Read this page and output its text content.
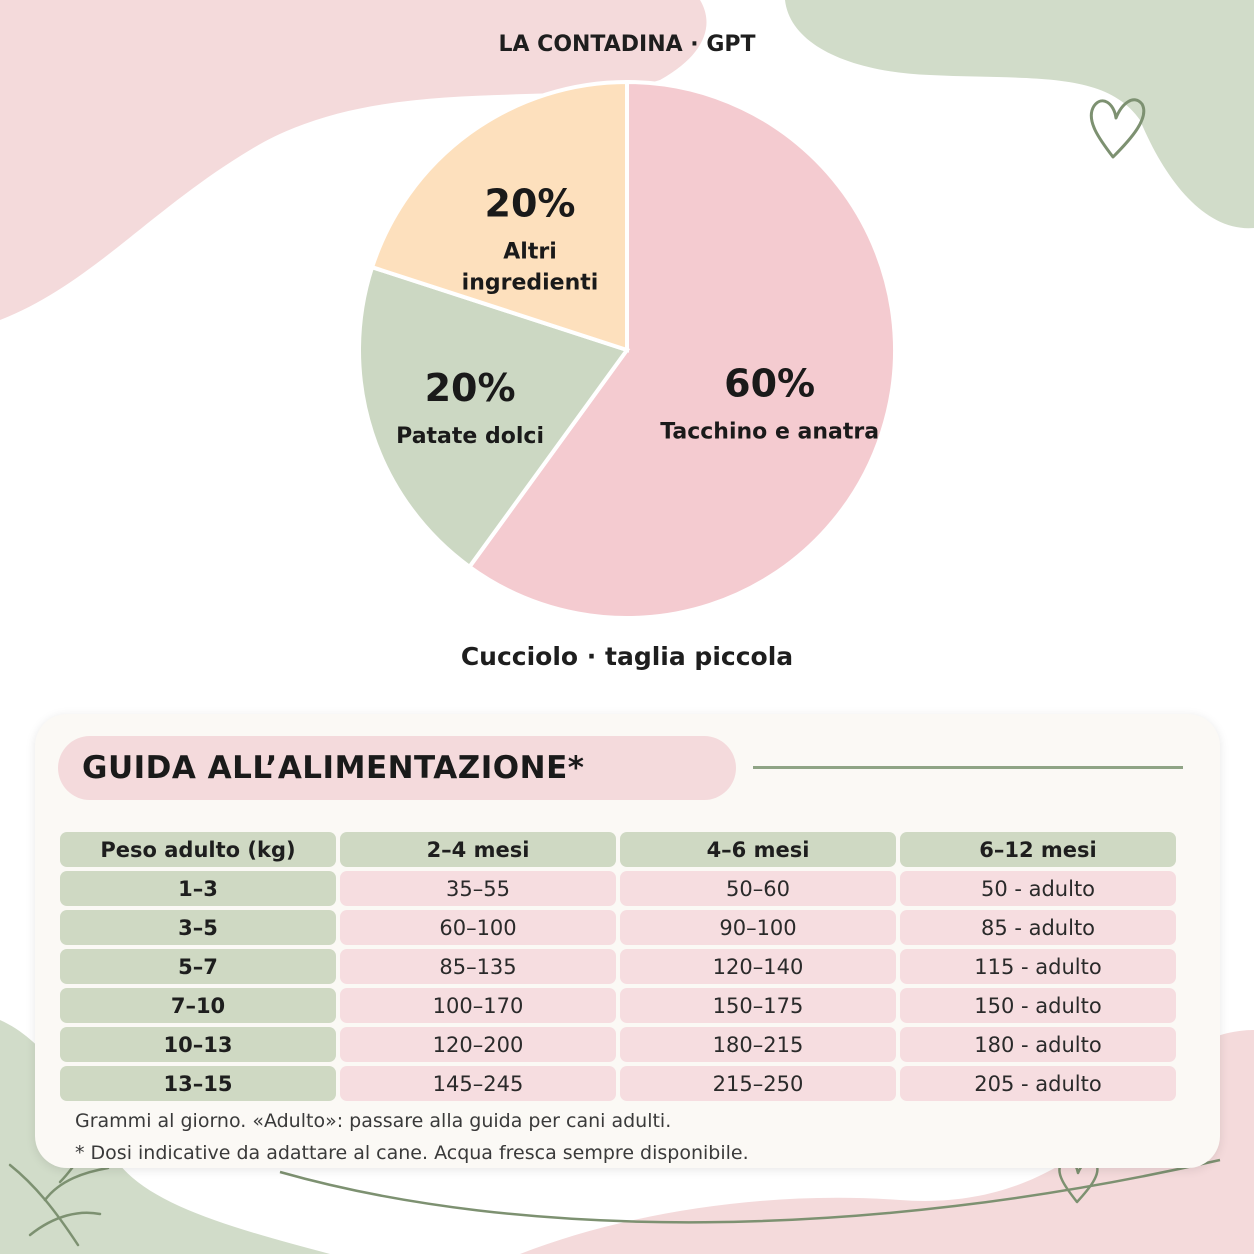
LA CONTADINA · GPT
60%
Tacchino e anatra
20%
Patate dolci
20%
Altri
ingredienti
Cucciolo · taglia piccola
GUIDA ALL’ALIMENTAZIONE*
Peso adulto (kg)	2–4 mesi	4–6 mesi	6–12 mesi
1–3	35–55	50–60	50 - adulto
3–5	60–100	90–100	85 - adulto
5–7	85–135	120–140	115 - adulto
7–10	100–170	150–175	150 - adulto
10–13	120–200	180–215	180 - adulto
13–15	145–245	215–250	205 - adulto
Grammi al giorno. «Adulto»: passare alla guida per cani adulti.
* Dosi indicative da adattare al cane. Acqua fresca sempre disponibile.
